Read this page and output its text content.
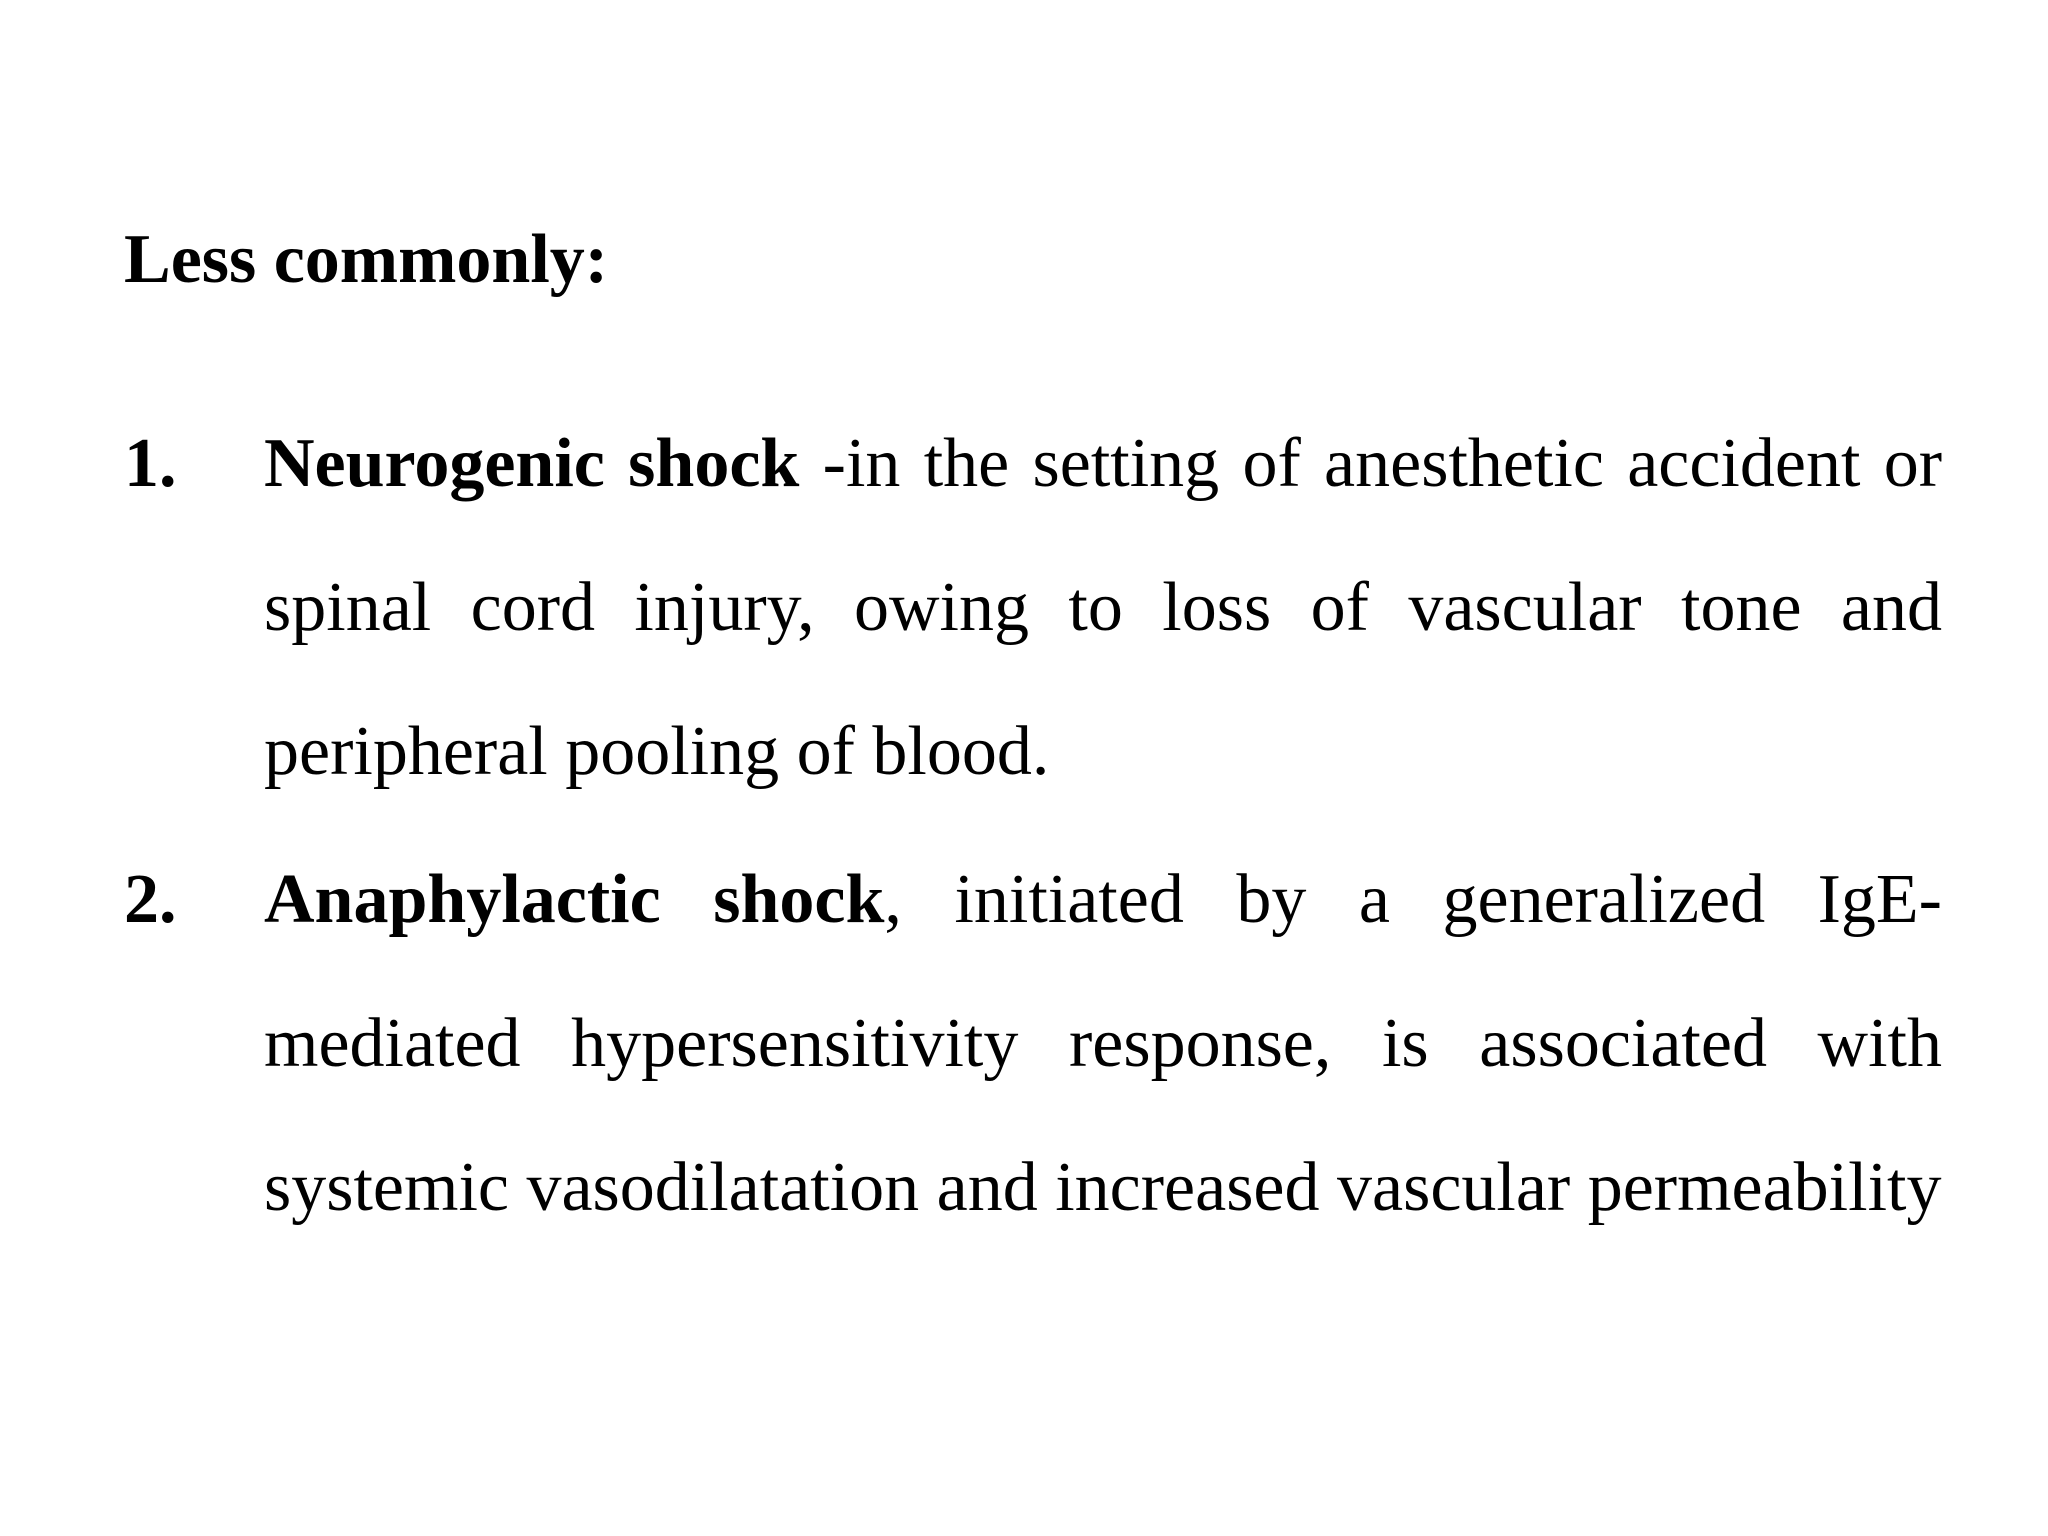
Less commonly:
1. Neurogenic shock -in the setting of anesthetic accident or spinal cord injury, owing to loss of vascular tone and peripheral pooling of blood.

2. Anaphylactic shock, initiated by a generalized IgE-mediated hypersensitivity response, is associated with systemic vasodilatation and increased vascular permeability
